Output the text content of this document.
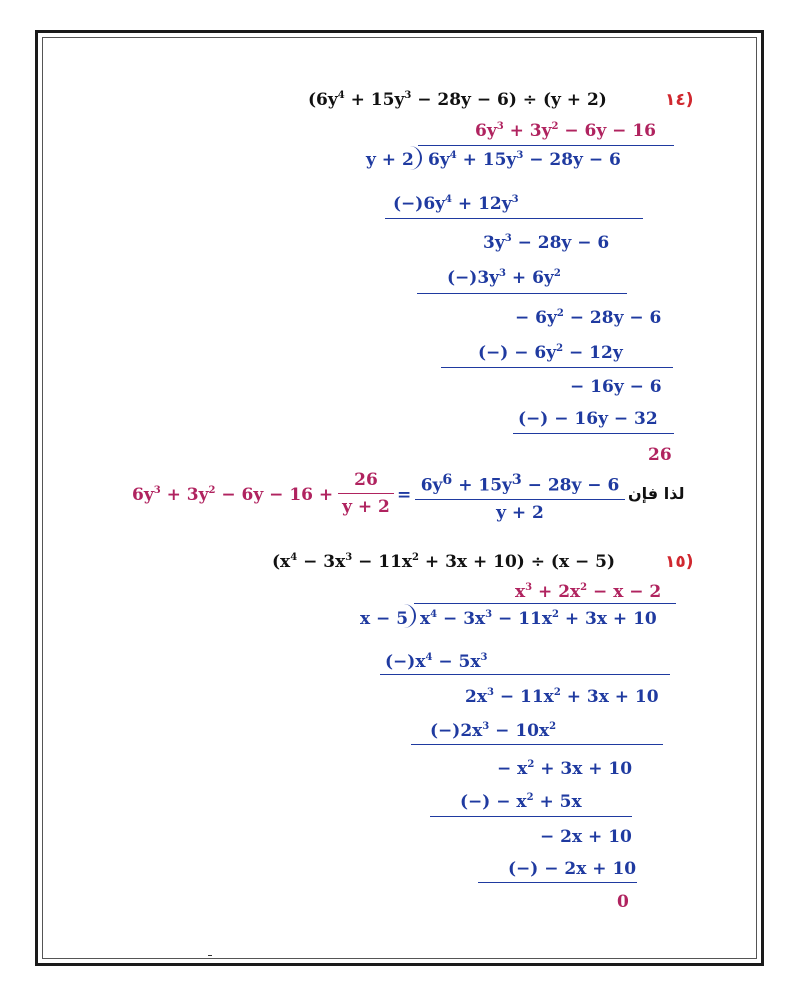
١٤)
$(6y^4 + 15y^3 - 28y - 6) \div (y + 2)$
$6y^3 + 3y^2 - 6y - 16$
y + 2 $6y^4 + 15y^3 - 28y - 6$
$(-)6y^4 + 12y^3$
$3y^3 - 28y - 6$
$(-)3y^3 + 6y^2$
− $6y^2 - 28y - 6$
(−) − $6y^2 - 12y$
− 16y − 6
(−) − 16y − 32
26
لذا فإن
$6y^6 + 15y^3 - 28y - 6$
y + 2
=
$6y^3 + 3y^2 - 6y - 16$ +
26
y + 2
١٥)
$(x^4 - 3x^3 - 11x^2 + 3x + 10) \div (x - 5)$
$x^3 + 2x^2 - x - 2$
x − 5 $x^4 - 3x^3 - 11x^2 + 3x + 10$
$(-)x^4 - 5x^3$
$2x^3 - 11x^2 + 3x + 10$
$(-)2x^3 - 10x^2$
− $x^2 + 3x + 10$
(−) − $x^2 + 5x$
− 2x + 10
(−) − 2x + 10
0
